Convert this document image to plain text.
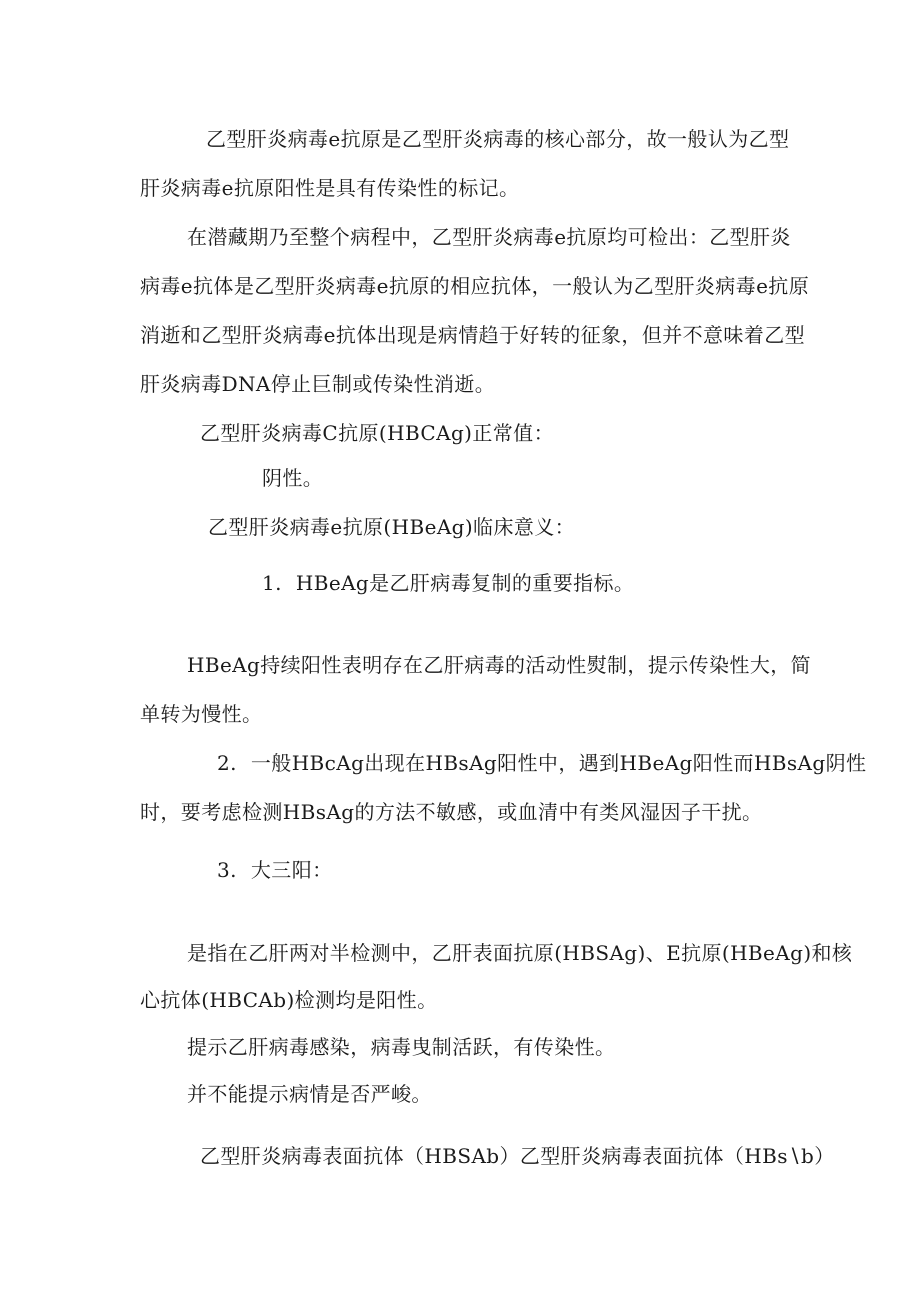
乙型肝炎病毒e抗原是乙型肝炎病毒的核心部分，故一般认为乙型
肝炎病毒e抗原阳性是具有传染性的标记。
在潜藏期乃至整个病程中，乙型肝炎病毒e抗原均可检出：乙型肝炎
病毒e抗体是乙型肝炎病毒e抗原的相应抗体，一般认为乙型肝炎病毒e抗原
消逝和乙型肝炎病毒e抗体出现是病情趋于好转的征象，但并不意味着乙型
肝炎病毒DNA停止巨制或传染性消逝。
乙型肝炎病毒C抗原(HBCAg)正常值：
阴性。
乙型肝炎病毒e抗原(HBeAg)临床意义：
1. HBeAg是乙肝病毒复制的重要指标。
HBeAg持续阳性表明存在乙肝病毒的活动性熨制，提示传染性大，简
单转为慢性。
2. 一般HBcAg出现在HBsAg阳性中，遇到HBeAg阳性而HBsAg阴性
时，要考虑检测HBsAg的方法不敏感，或血清中有类风湿因子干扰。
3. 大三阳：
是指在乙肝两对半检测中，乙肝表面抗原(HBSAg)、E抗原(HBeAg)和核
心抗体(HBCAb)检测均是阳性。
提示乙肝病毒感染，病毒曳制活跃，有传染性。
并不能提示病情是否严峻。
乙型肝炎病毒表面抗体（HBSAb）乙型肝炎病毒表面抗体（HBs∖b）
